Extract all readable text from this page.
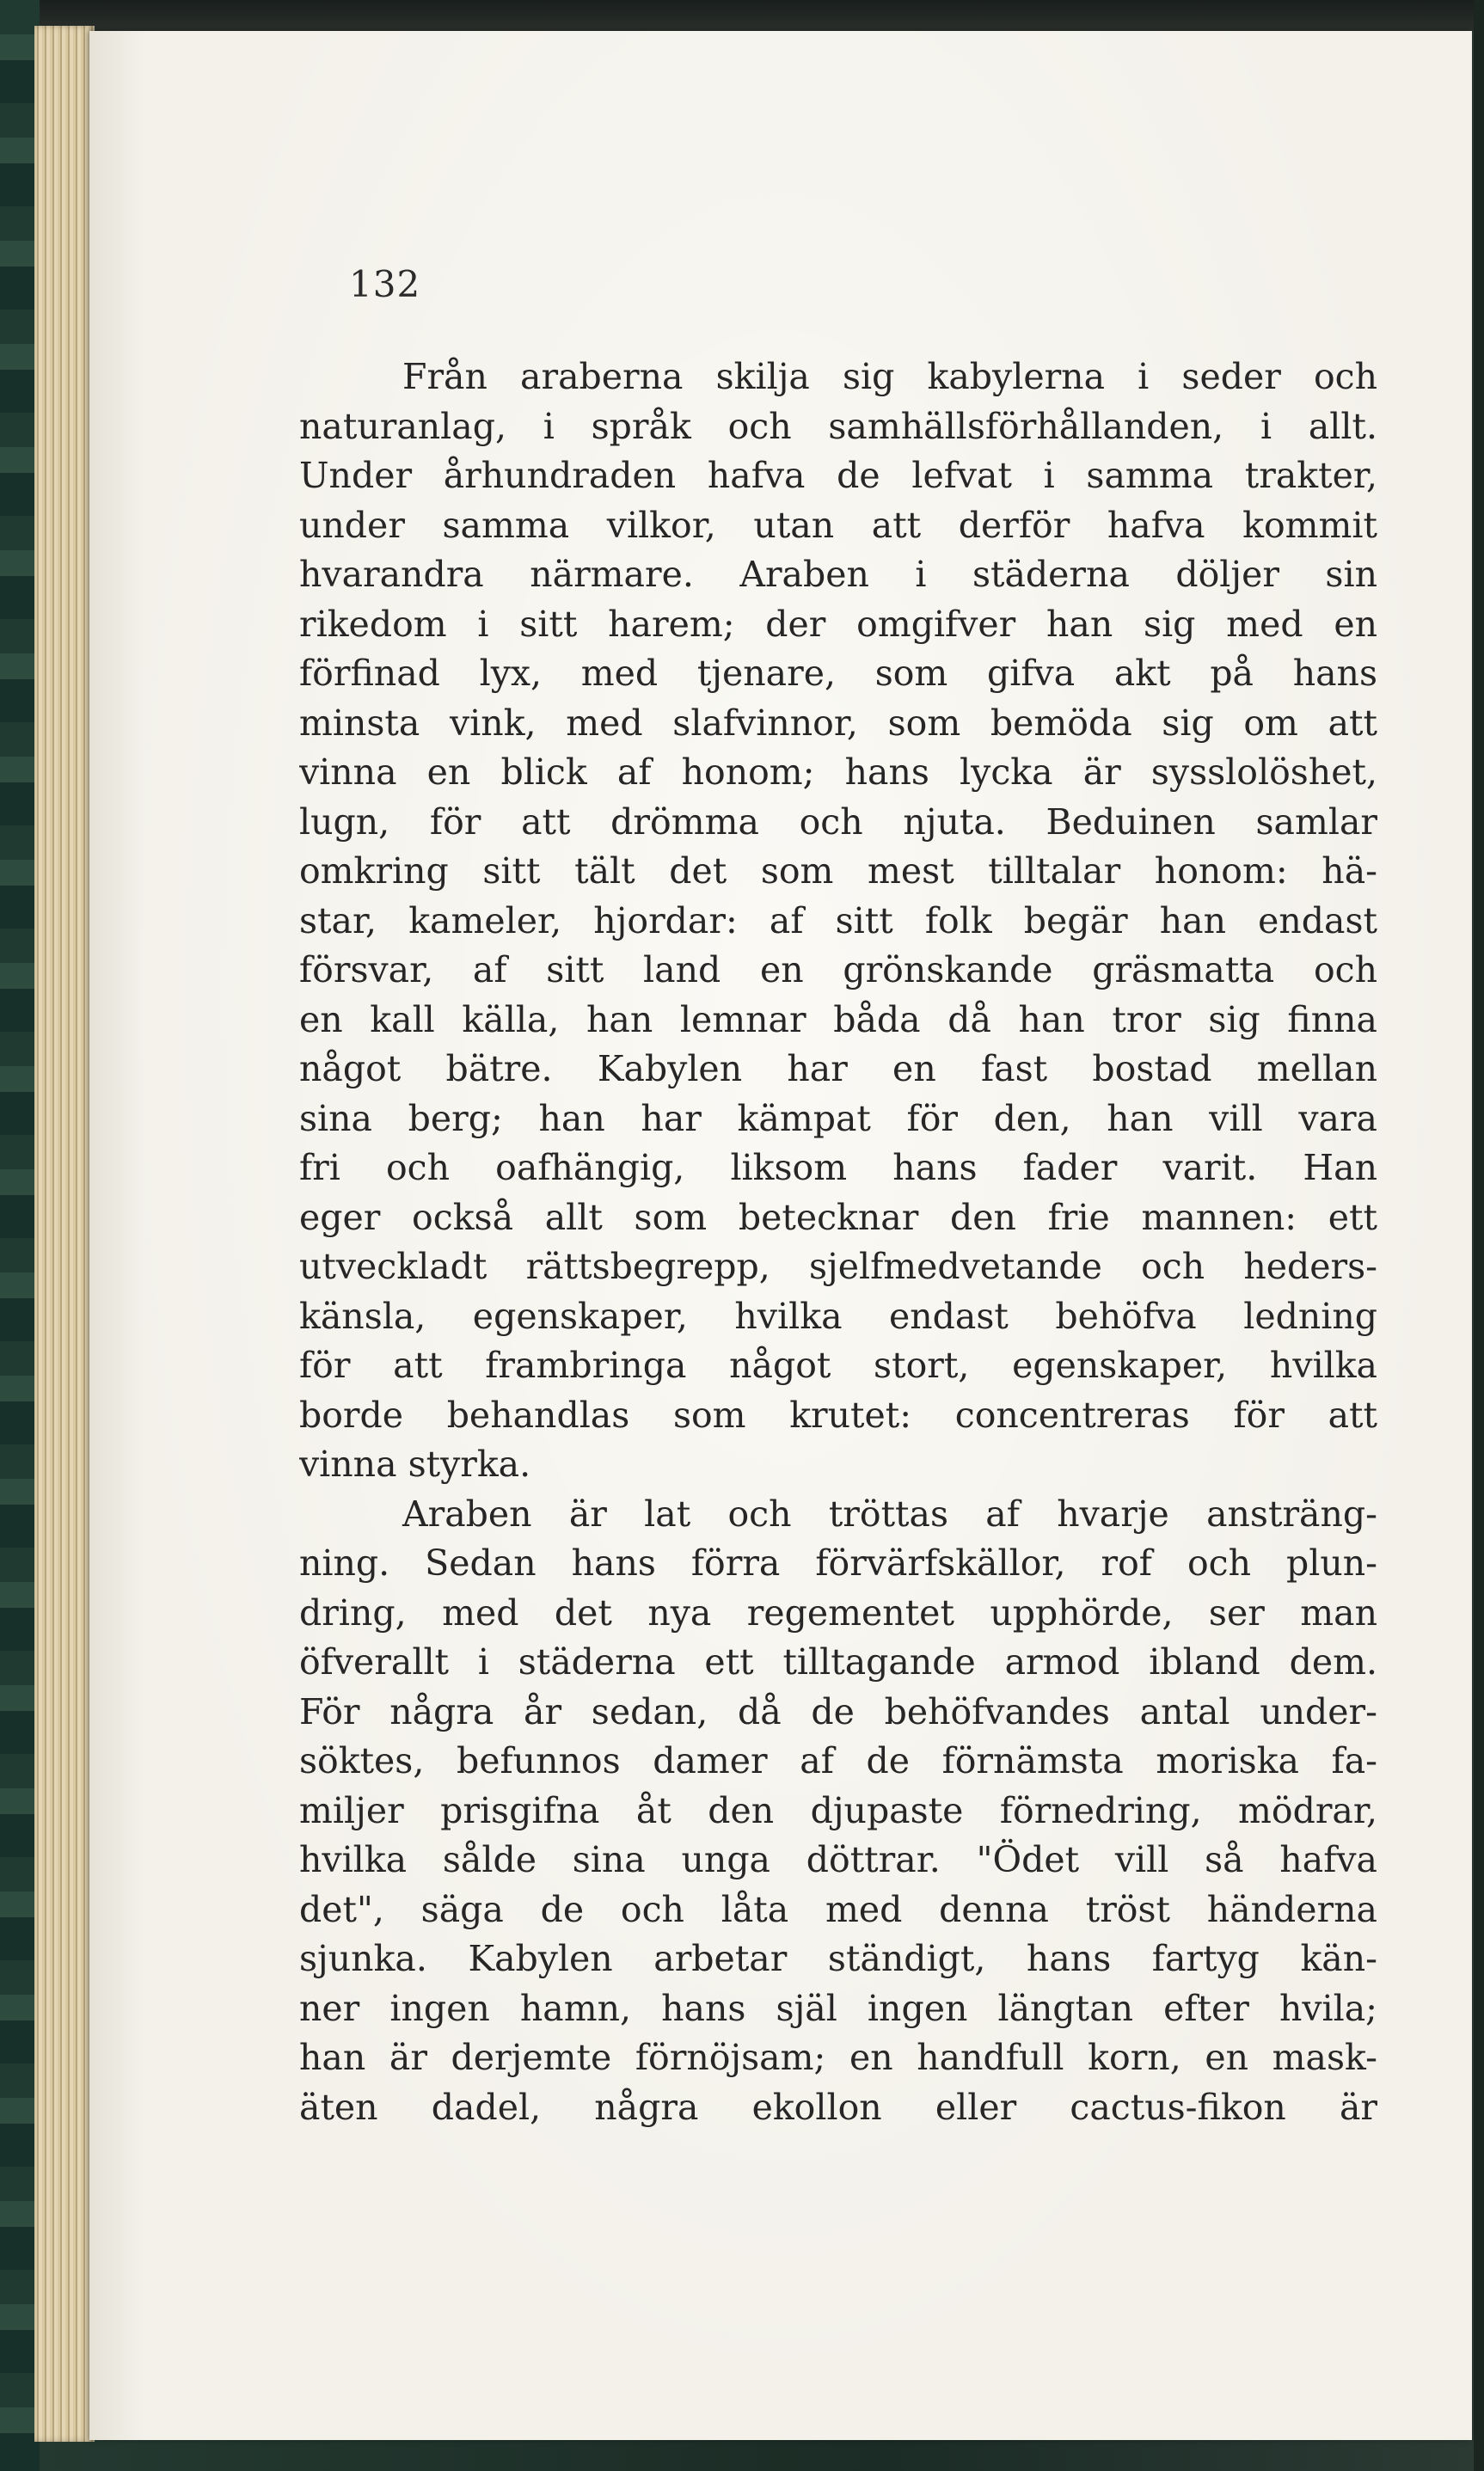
132
Från araberna skilja sig kabylerna i seder och
naturanlag, i språk och samhällsförhållanden, i allt.
Under århundraden hafva de lefvat i samma trakter,
under samma vilkor, utan att derför hafva kommit
hvarandra närmare. Araben i städerna döljer sin
rikedom i sitt harem; der omgifver han sig med en
förfinad lyx, med tjenare, som gifva akt på hans
minsta vink, med slafvinnor, som bemöda sig om att
vinna en blick af honom; hans lycka är sysslolöshet,
lugn, för att drömma och njuta. Beduinen samlar
omkring sitt tält det som mest tilltalar honom: hä-
star, kameler, hjordar: af sitt folk begär han endast
försvar, af sitt land en grönskande gräsmatta och
en kall källa, han lemnar båda då han tror sig finna
något bätre. Kabylen har en fast bostad mellan
sina berg; han har kämpat för den, han vill vara
fri och oafhängig, liksom hans fader varit. Han
eger också allt som betecknar den frie mannen: ett
utveckladt rättsbegrepp, sjelfmedvetande och heders-
känsla, egenskaper, hvilka endast behöfva ledning
för att frambringa något stort, egenskaper, hvilka
borde behandlas som krutet: concentreras för att
vinna styrka.
Araben är lat och tröttas af hvarje ansträng-
ning. Sedan hans förra förvärfskällor, rof och plun-
dring, med det nya regementet upphörde, ser man
öfverallt i städerna ett tilltagande armod ibland dem.
För några år sedan, då de behöfvandes antal under-
söktes, befunnos damer af de förnämsta moriska fa-
miljer prisgifna åt den djupaste förnedring, mödrar,
hvilka sålde sina unga döttrar. "Ödet vill så hafva
det", säga de och låta med denna tröst händerna
sjunka. Kabylen arbetar ständigt, hans fartyg kän-
ner ingen hamn, hans själ ingen längtan efter hvila;
han är derjemte förnöjsam; en handfull korn, en mask-
äten dadel, några ekollon eller cactus-fikon är
